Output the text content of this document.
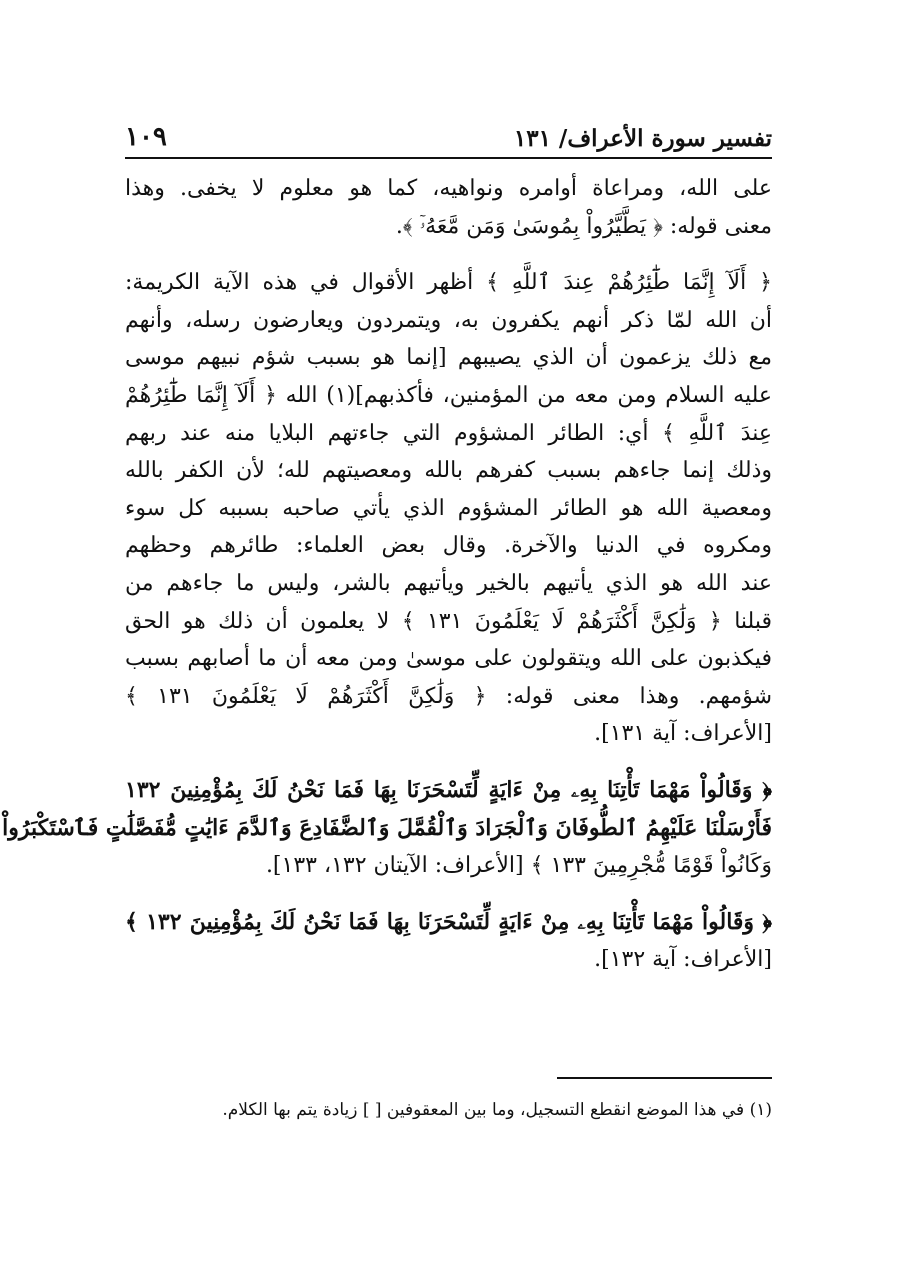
تفسير سورة الأعراف/ ١٣١
١٠٩
على الله، ومراعاة أوامره ونواهيه، كما هو معلوم لا يخفى. وهذا
معنى قوله: ﴿ يَطَّيَّرُواْ بِمُوسَىٰ وَمَن مَّعَهُۥٓ ﴾.
﴿ أَلَآ إِنَّمَا طَٰٓئِرُهُمْ عِندَ ٱللَّهِ ﴾ أظهر الأقوال في هذه الآية الكريمة:
أن الله لمّا ذكر أنهم يكفرون به، ويتمردون ويعارضون رسله، وأنهم
مع ذلك يزعمون أن الذي يصيبهم [إنما هو بسبب شؤم نبيهم موسى
عليه السلام ومن معه من المؤمنين، فأكذبهم](١) الله ﴿ أَلَآ إِنَّمَا طَٰٓئِرُهُمْ
عِندَ ٱللَّهِ ﴾ أي: الطائر المشؤوم التي جاءتهم البلايا منه عند ربهم
وذلك إنما جاءهم بسبب كفرهم بالله ومعصيتهم لله؛ لأن الكفر بالله
ومعصية الله هو الطائر المشؤوم الذي يأتي صاحبه بسببه كل سوء
ومكروه في الدنيا والآخرة. وقال بعض العلماء: طائرهم وحظهم
عند الله هو الذي يأتيهم بالخير ويأتيهم بالشر، وليس ما جاءهم من
قبلنا ﴿ وَلَٰكِنَّ أَكْثَرَهُمْ لَا يَعْلَمُونَ ١٣١ ﴾ لا يعلمون أن ذلك هو الحق
فيكذبون على الله ويتقولون على موسىٰ ومن معه أن ما أصابهم بسبب
شؤمهم. وهذا معنى قوله: ﴿ وَلَٰكِنَّ أَكْثَرَهُمْ لَا يَعْلَمُونَ ١٣١ ﴾
[الأعراف: آية ١٣١].
﴿ وَقَالُواْ مَهْمَا تَأْتِنَا بِهِۦ مِنْ ءَايَةٍ لِّتَسْحَرَنَا بِهَا فَمَا نَحْنُ لَكَ بِمُؤْمِنِينَ ١٣٢
فَأَرْسَلْنَا عَلَيْهِمُ ٱلطُّوفَانَ وَٱلْجَرَادَ وَٱلْقُمَّلَ وَٱلضَّفَادِعَ وَٱلدَّمَ ءَايَٰتٍ مُّفَصَّلَٰتٍ فَٱسْتَكْبَرُواْ
وَكَانُواْ قَوْمًا مُّجْرِمِينَ ١٣٣ ﴾ [الأعراف: الآيتان ١٣٢، ١٣٣].
﴿ وَقَالُواْ مَهْمَا تَأْتِنَا بِهِۦ مِنْ ءَايَةٍ لِّتَسْحَرَنَا بِهَا فَمَا نَحْنُ لَكَ بِمُؤْمِنِينَ ١٣٢ ﴾
[الأعراف: آية ١٣٢].
(١) في هذا الموضع انقطع التسجيل، وما بين المعقوفين [ ] زيادة يتم بها الكلام.
